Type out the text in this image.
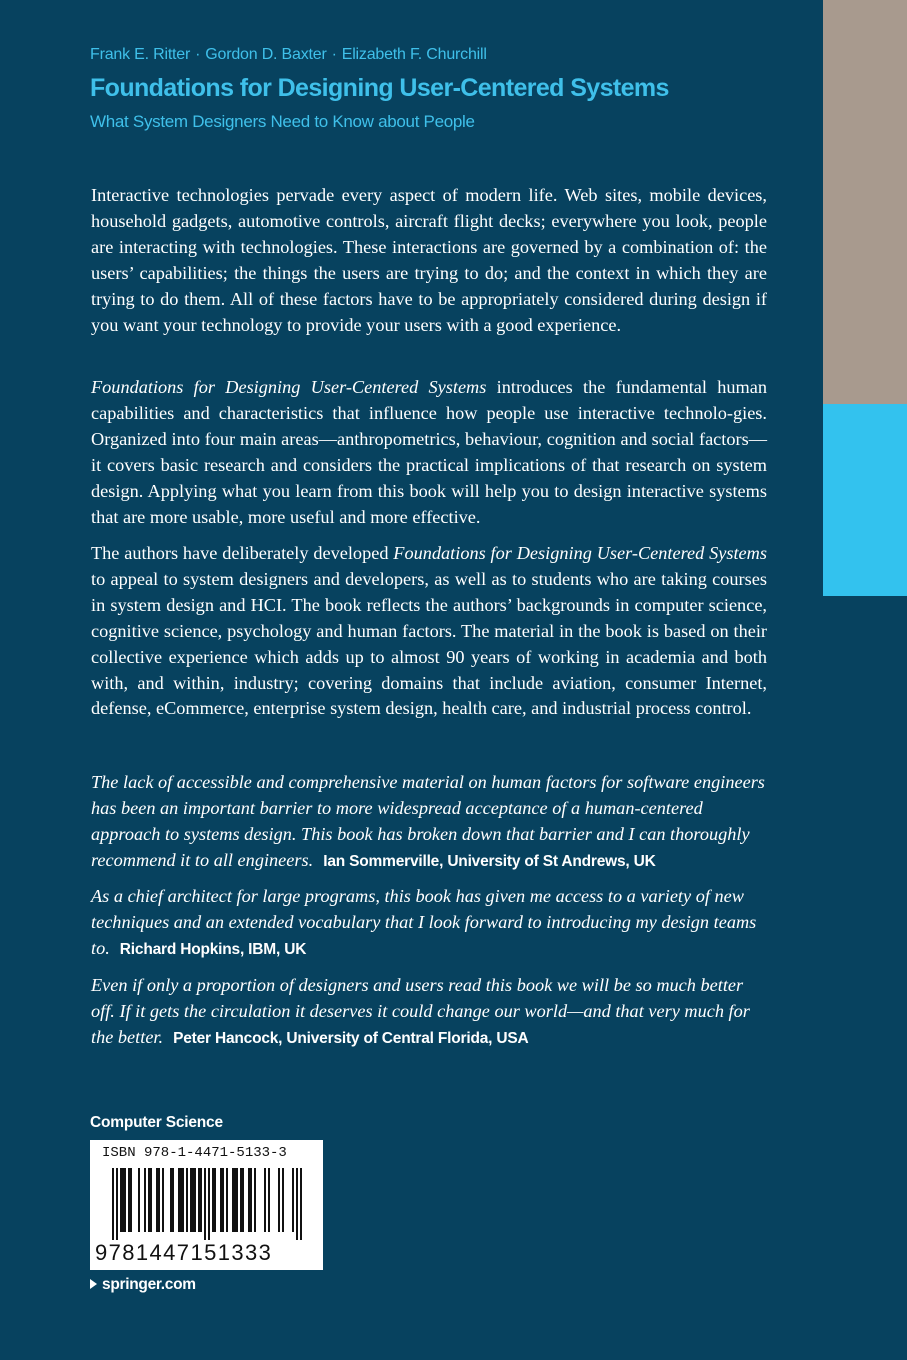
Frank E. Ritter · Gordon D. Baxter · Elizabeth F. Churchill
Foundations for Designing User-Centered Systems
What System Designers Need to Know about People

Interactive technologies pervade every aspect of modern life. Web sites, mobile devices, household gadgets, automotive controls, aircraft flight decks; everywhere you look, people are interacting with technologies. These interactions are governed by a combination of: the users’ capabilities; the things the users are trying to do; and the context in which they are trying to do them. All of these factors have to be appropriately considered during design if you want your technology to provide your users with a good experience.

Foundations for Designing User-Centered Systems introduces the fundamental human capabilities and characteristics that influence how people use interactive technolo-gies. Organized into four main areas—anthropometrics, behaviour, cognition and social factors—it covers basic research and considers the practical implications of that research on system design. Applying what you learn from this book will help you to design interactive systems that are more usable, more useful and more effective.

The authors have deliberately developed Foundations for Designing User-Centered Systems to appeal to system designers and developers, as well as to students who are taking courses in system design and HCI. The book reflects the authors’ backgrounds in computer science, cognitive science, psychology and human factors. The material in the book is based on their collective experience which adds up to almost 90 years of working in academia and both with, and within, industry; covering domains that include aviation, consumer Internet, defense, eCommerce, enterprise system design, health care, and industrial process control.

The lack of accessible and comprehensive material on human factors for software engineers has been an important barrier to more widespread acceptance of a human-centered approach to systems design. This book has broken down that barrier and I can thoroughly recommend it to all engineers. Ian Sommerville, University of St Andrews, UK

As a chief architect for large programs, this book has given me access to a variety of new techniques and an extended vocabulary that I look forward to introducing my design teams to. Richard Hopkins, IBM, UK

Even if only a proportion of designers and users read this book we will be so much better off. If it gets the circulation it deserves it could change our world—and that very much for the better. Peter Hancock, University of Central Florida, USA

Computer Science
ISBN 978-1-4471-5133-3
9781447151333
springer.com
